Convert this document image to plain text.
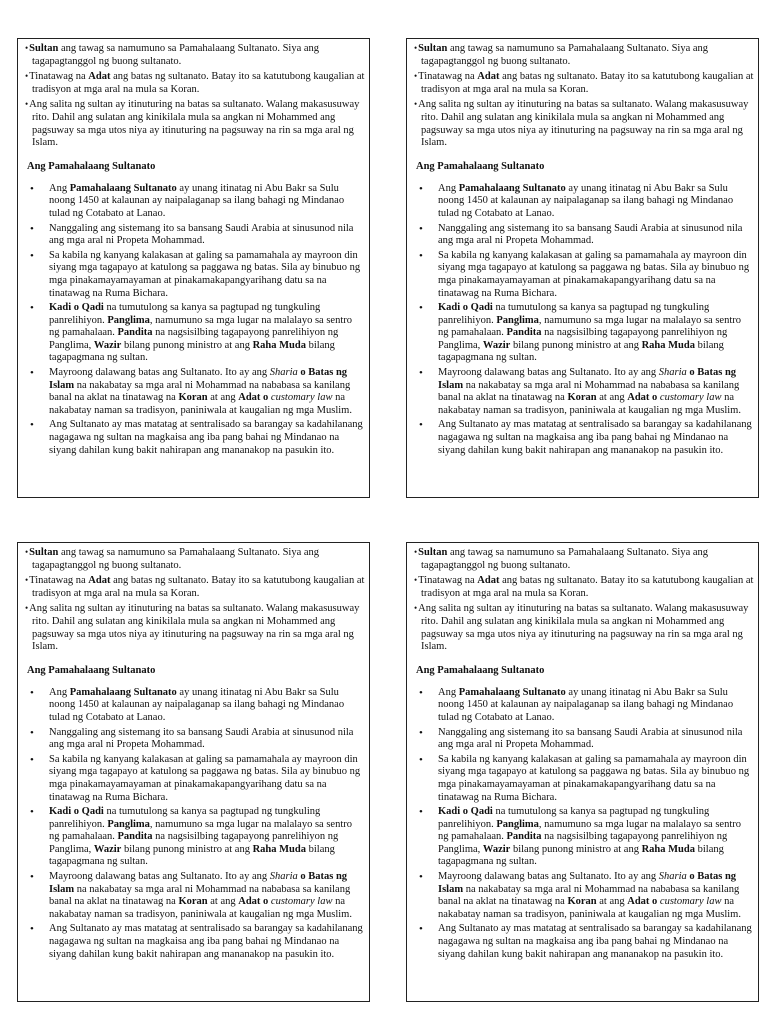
•Sultan ang tawag sa namumuno sa Pamahalaang Sultanato. Siya ang tagapagtanggol ng buong sultanato.
•Tinatawag na Adat ang batas ng sultanato. Batay ito sa katutubong kaugalian at tradisyon at mga aral na mula sa Koran.
•Ang salita ng sultan ay itinuturing na batas sa sultanato. Walang makasusuway rito. Dahil ang sulatan ang kinikilala mula sa angkan ni Mohammed ang pagsuway sa mga utos niya ay itinuturing na pagsuway na rin sa mga aral ng Islam.
Ang Pamahalaang Sultanato
• Ang Pamahalaang Sultanato ay unang itinatag ni Abu Bakr sa Sulu noong 1450 at kalaunan ay naipalaganap sa ilang bahagi ng Mindanao tulad ng Cotabato at Lanao.
• Nanggaling ang sistemang ito sa bansang Saudi Arabia at sinusunod nila ang mga aral ni Propeta Mohammad.
• Sa kabila ng kanyang kalakasan at galing sa pamamahala ay mayroon din siyang mga tagapayo at katulong sa paggawa ng batas. Sila ay binubuo ng mga pinakamayamayaman at pinakamakapangyarihang datu sa na tinatawag na Ruma Bichara.
• Kadi o Qadi na tumutulong sa kanya sa pagtupad ng tungkuling panrelihiyon. Panglima, namumuno sa mga lugar na malalayo sa sentro ng pamahalaan. Pandita na nagsisilbing tagapayong panrelihiyon ng Panglima, Wazir bilang punong ministro at ang Raha Muda bilang tagapagmana ng sultan.
• Mayroong dalawang batas ang Sultanato. Ito ay ang Sharia o Batas ng Islam na nakabatay sa mga aral ni Mohammad na nababasa sa kanilang banal na aklat na tinatawag na Koran at ang Adat o customary law na nakabatay naman sa tradisyon, paniniwala at kaugalian ng mga Muslim.
• Ang Sultanato ay mas matatag at sentralisado sa barangay sa kadahilanang nagagawa ng sultan na magkaisa ang iba pang bahai ng Mindanao na siyang dahilan kung bakit nahirapan ang mananakop na pasukin ito.
•Sultan ang tawag sa namumuno sa Pamahalaang Sultanato. Siya ang tagapagtanggol ng buong sultanato.
•Tinatawag na Adat ang batas ng sultanato. Batay ito sa katutubong kaugalian at tradisyon at mga aral na mula sa Koran.
•Ang salita ng sultan ay itinuturing na batas sa sultanato. Walang makasusuway rito. Dahil ang sulatan ang kinikilala mula sa angkan ni Mohammed ang pagsuway sa mga utos niya ay itinuturing na pagsuway na rin sa mga aral ng Islam.
Ang Pamahalaang Sultanato
• Ang Pamahalaang Sultanato ay unang itinatag ni Abu Bakr sa Sulu noong 1450 at kalaunan ay naipalaganap sa ilang bahagi ng Mindanao tulad ng Cotabato at Lanao.
• Nanggaling ang sistemang ito sa bansang Saudi Arabia at sinusunod nila ang mga aral ni Propeta Mohammad.
• Sa kabila ng kanyang kalakasan at galing sa pamamahala ay mayroon din siyang mga tagapayo at katulong sa paggawa ng batas. Sila ay binubuo ng mga pinakamayamayaman at pinakamakapangyarihang datu sa na tinatawag na Ruma Bichara.
• Kadi o Qadi na tumutulong sa kanya sa pagtupad ng tungkuling panrelihiyon. Panglima, namumuno sa mga lugar na malalayo sa sentro ng pamahalaan. Pandita na nagsisilbing tagapayong panrelihiyon ng Panglima, Wazir bilang punong ministro at ang Raha Muda bilang tagapagmana ng sultan.
• Mayroong dalawang batas ang Sultanato. Ito ay ang Sharia o Batas ng Islam na nakabatay sa mga aral ni Mohammad na nababasa sa kanilang banal na aklat na tinatawag na Koran at ang Adat o customary law na nakabatay naman sa tradisyon, paniniwala at kaugalian ng mga Muslim.
• Ang Sultanato ay mas matatag at sentralisado sa barangay sa kadahilanang nagagawa ng sultan na magkaisa ang iba pang bahai ng Mindanao na siyang dahilan kung bakit nahirapan ang mananakop na pasukin ito.
•Sultan ang tawag sa namumuno sa Pamahalaang Sultanato. Siya ang tagapagtanggol ng buong sultanato.
•Tinatawag na Adat ang batas ng sultanato. Batay ito sa katutubong kaugalian at tradisyon at mga aral na mula sa Koran.
•Ang salita ng sultan ay itinuturing na batas sa sultanato. Walang makasusuway rito. Dahil ang sulatan ang kinikilala mula sa angkan ni Mohammed ang pagsuway sa mga utos niya ay itinuturing na pagsuway na rin sa mga aral ng Islam.
Ang Pamahalaang Sultanato
• Ang Pamahalaang Sultanato ay unang itinatag ni Abu Bakr sa Sulu noong 1450 at kalaunan ay naipalaganap sa ilang bahagi ng Mindanao tulad ng Cotabato at Lanao.
• Nanggaling ang sistemang ito sa bansang Saudi Arabia at sinusunod nila ang mga aral ni Propeta Mohammad.
• Sa kabila ng kanyang kalakasan at galing sa pamamahala ay mayroon din siyang mga tagapayo at katulong sa paggawa ng batas. Sila ay binubuo ng mga pinakamayamayaman at pinakamakapangyarihang datu sa na tinatawag na Ruma Bichara.
• Kadi o Qadi na tumutulong sa kanya sa pagtupad ng tungkuling panrelihiyon. Panglima, namumuno sa mga lugar na malalayo sa sentro ng pamahalaan. Pandita na nagsisilbing tagapayong panrelihiyon ng Panglima, Wazir bilang punong ministro at ang Raha Muda bilang tagapagmana ng sultan.
• Mayroong dalawang batas ang Sultanato. Ito ay ang Sharia o Batas ng Islam na nakabatay sa mga aral ni Mohammad na nababasa sa kanilang banal na aklat na tinatawag na Koran at ang Adat o customary law na nakabatay naman sa tradisyon, paniniwala at kaugalian ng mga Muslim.
• Ang Sultanato ay mas matatag at sentralisado sa barangay sa kadahilanang nagagawa ng sultan na magkaisa ang iba pang bahai ng Mindanao na siyang dahilan kung bakit nahirapan ang mananakop na pasukin ito.
•Sultan ang tawag sa namumuno sa Pamahalaang Sultanato. Siya ang tagapagtanggol ng buong sultanato.
•Tinatawag na Adat ang batas ng sultanato. Batay ito sa katutubong kaugalian at tradisyon at mga aral na mula sa Koran.
•Ang salita ng sultan ay itinuturing na batas sa sultanato. Walang makasusuway rito. Dahil ang sulatan ang kinikilala mula sa angkan ni Mohammed ang pagsuway sa mga utos niya ay itinuturing na pagsuway na rin sa mga aral ng Islam.
Ang Pamahalaang Sultanato
• Ang Pamahalaang Sultanato ay unang itinatag ni Abu Bakr sa Sulu noong 1450 at kalaunan ay naipalaganap sa ilang bahagi ng Mindanao tulad ng Cotabato at Lanao.
• Nanggaling ang sistemang ito sa bansang Saudi Arabia at sinusunod nila ang mga aral ni Propeta Mohammad.
• Sa kabila ng kanyang kalakasan at galing sa pamamahala ay mayroon din siyang mga tagapayo at katulong sa paggawa ng batas. Sila ay binubuo ng mga pinakamayamayaman at pinakamakapangyarihang datu sa na tinatawag na Ruma Bichara.
• Kadi o Qadi na tumutulong sa kanya sa pagtupad ng tungkuling panrelihiyon. Panglima, namumuno sa mga lugar na malalayo sa sentro ng pamahalaan. Pandita na nagsisilbing tagapayong panrelihiyon ng Panglima, Wazir bilang punong ministro at ang Raha Muda bilang tagapagmana ng sultan.
• Mayroong dalawang batas ang Sultanato. Ito ay ang Sharia o Batas ng Islam na nakabatay sa mga aral ni Mohammad na nababasa sa kanilang banal na aklat na tinatawag na Koran at ang Adat o customary law na nakabatay naman sa tradisyon, paniniwala at kaugalian ng mga Muslim.
• Ang Sultanato ay mas matatag at sentralisado sa barangay sa kadahilanang nagagawa ng sultan na magkaisa ang iba pang bahai ng Mindanao na siyang dahilan kung bakit nahirapan ang mananakop na pasukin ito.
